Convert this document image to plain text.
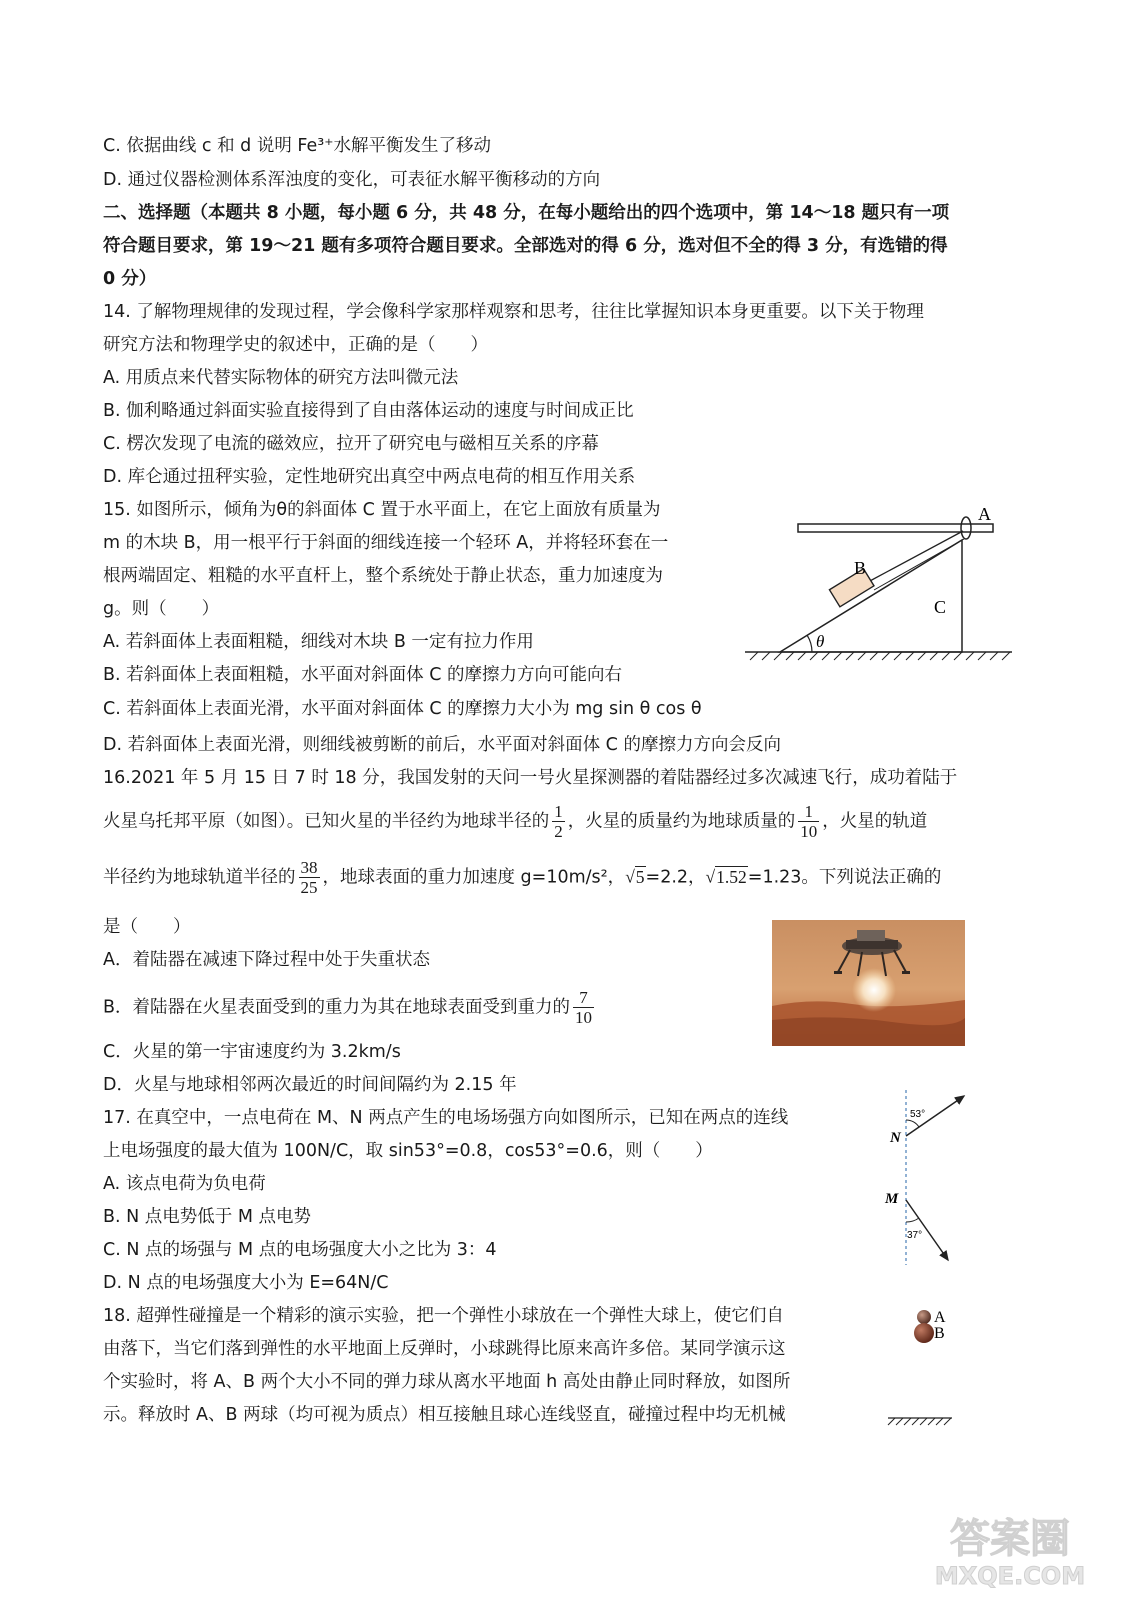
C. 依据曲线 c 和 d 说明 Fe³⁺水解平衡发生了移动
D. 通过仪器检测体系浑浊度的变化，可表征水解平衡移动的方向
二、选择题（本题共 8 小题，每小题 6 分，共 48 分，在每小题给出的四个选项中，第 14～18 题只有一项
符合题目要求，第 19～21 题有多项符合题目要求。全部选对的得 6 分，选对但不全的得 3 分，有选错的得
0 分）
14. 了解物理规律的发现过程，学会像科学家那样观察和思考，往往比掌握知识本身更重要。以下关于物理
研究方法和物理学史的叙述中，正确的是（　　）
A. 用质点来代替实际物体的研究方法叫微元法
B. 伽利略通过斜面实验直接得到了自由落体运动的速度与时间成正比
C. 楞次发现了电流的磁效应，拉开了研究电与磁相互关系的序幕
D. 库仑通过扭秤实验，定性地研究出真空中两点电荷的相互作用关系
15. 如图所示，倾角为θ的斜面体 C 置于水平面上，在它上面放有质量为
m 的木块 B，用一根平行于斜面的细线连接一个轻环 A，并将轻环套在一
根两端固定、粗糙的水平直杆上，整个系统处于静止状态，重力加速度为
g。则（　　）
A. 若斜面体上表面粗糙，细线对木块 B 一定有拉力作用
B. 若斜面体上表面粗糙，水平面对斜面体 C 的摩擦力方向可能向右
C. 若斜面体上表面光滑，水平面对斜面体 C 的摩擦力大小为 mg sin θ cos θ
D. 若斜面体上表面光滑，则细线被剪断的前后，水平面对斜面体 C 的摩擦力方向会反向
A
C
B
θ
16.2021 年 5 月 15 日 7 时 18 分，我国发射的天问一号火星探测器的着陆器经过多次减速飞行，成功着陆于
火星乌托邦平原（如图）。已知火星的半径约为地球半径的 $\frac{1}{2}$ ，火星的质量约为地球质量的 $\frac{1}{10}$ ，火星的轨道
半径约为地球轨道半径的 $\frac{38}{25}$ ，地球表面的重力加速度 g=10m/s²，√5=2.2，√1.52=1.23。下列说法正确的
是（　　）
A．着陆器在减速下降过程中处于失重状态
B．着陆器在火星表面受到的重力为其在地球表面受到重力的 $\frac{7}{10}$
C．火星的第一宇宙速度约为 3.2km/s
D．火星与地球相邻两次最近的时间间隔约为 2.15 年
17. 在真空中，一点电荷在 M、N 两点产生的电场场强方向如图所示，已知在两点的连线
上电场强度的最大值为 100N/C，取 sin53°=0.8，cos53°=0.6，则（　　）
A. 该点电荷为负电荷
B. N 点电势低于 M 点电势
C. N 点的场强与 M 点的电场强度大小之比为 3：4
D. N 点的电场强度大小为 E=64N/C
53°
N
37°
M
18. 超弹性碰撞是一个精彩的演示实验，把一个弹性小球放在一个弹性大球上，使它们自
由落下，当它们落到弹性的水平地面上反弹时，小球跳得比原来高许多倍。某同学演示这
个实验时，将 A、B 两个大小不同的弹力球从离水平地面 h 高处由静止同时释放，如图所
示。释放时 A、B 两球（均可视为质点）相互接触且球心连线竖直，碰撞过程中均无机械
A
B
答案圈
MXQE.COM
